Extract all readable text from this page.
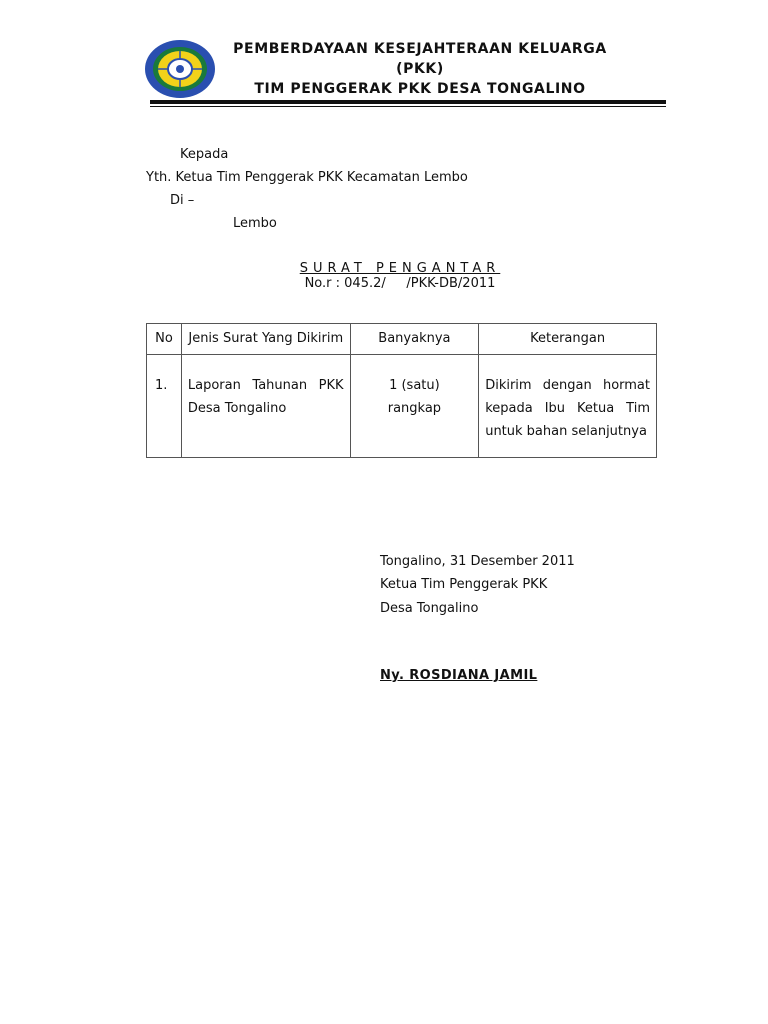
PEMBERDAYAAN KESEJAHTERAAN KELUARGA
(PKK)
TIM PENGGERAK PKK DESA TONGALINO
Kepada
Yth. Ketua Tim Penggerak PKK Kecamatan Lembo
Di –
Lembo
SURAT PENGANTAR
No.r : 045.2/     /PKK-DB/2011
No	Jenis Surat Yang Dikirim	Banyaknya	Keterangan

1.	Laporan Tahunan PKK Desa Tongalino	1 (satu) rangkap	Dikirim dengan hormat kepada Ibu Ketua Tim untuk bahan selanjutnya
Tongalino, 31 Desember 2011
Ketua Tim Penggerak PKK
Desa Tongalino
Ny. ROSDIANA JAMIL
